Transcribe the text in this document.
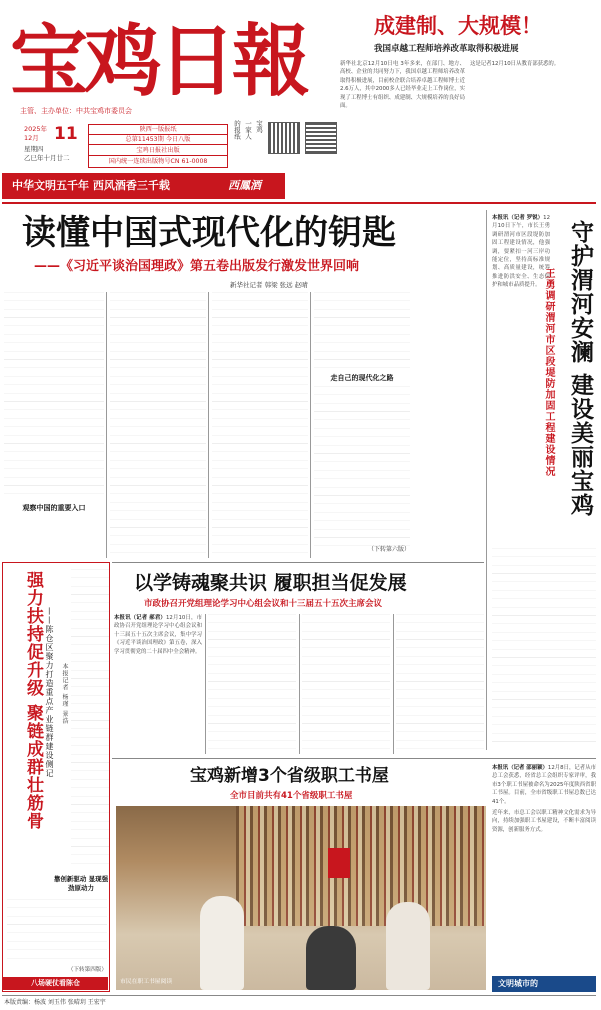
宝鸡日報
主管、主办单位：中共宝鸡市委员会
2025年
12月 11
星期四
乙巳年十月廿二
陕西一版报纸
总第11453期 今日八版
宝鸡日报社出版
国内统一连续出版物号CN 61-0008
宝鸡
一家人
的报纸
成建制、大规模！
我国卓越工程师培养改革取得积极进展
新华社北京12月10日电 3年多来，在部门、地方、高校、企业的共同努力下，我国卓越工程师培养改革取得积极进展，目前校企联合培养卓越工程师博士近2.6万人，其中2000多人已经毕业走上工作岗位，实现了工程博士有组织、成建制、大规模培养的良好局面。
这是记者12月10日从教育部获悉的。
中华文明五千年 西风酒香三千载	西鳳酒
读懂中国式现代化的钥匙
——《习近平谈治国理政》第五卷出版发行激发世界回响
新华社记者 韩梁 张远 赵晴
观察中国的重要入口
走自己的现代化之路
（下转第六版）
本报讯（记者 罗锐）12月10日下午，市长王勇调研渭河市区段堤防加固工程建设情况，他强调，要紧扣一河三岸功能定位，坚持高标准规划、高质量建设，统筹推进防洪安全、生态保护和城市品质提升。	守护渭河安澜 建设美丽宝鸡
王勇调研渭河市区段堤防加固工程建设情况
以学铸魂聚共识 履职担当促发展
市政协召开党组理论学习中心组会议和十三届五十五次主席会议
本报讯（记者 郝君）12月10日，市政协召开党组理论学习中心组会议和十三届五十五次主席会议，集中学习《习近平谈治国理政》第五卷，深入学习贯彻党的二十届四中全会精神。
强力扶持促升级 聚链成群壮筋骨 ——陈仓区聚力打造重点产业链群建设侧记	本报记者 杨瑾 景浩
靠创新驱动 显现强劲原动力
（下转第四版）
八场硬仗看陈仓
宝鸡新增3个省级职工书屋
全市目前共有41个省级职工书屋
市民在职工书屋阅读
本报讯（记者 邵丽颖）12月8日，记者从市总工会获悉，经省总工会组织专家评审，我市3个职工书屋被命名为2025年度陕西省职工书屋。目前，全市省级职工书屋总数已达41个。
近年来，市总工会以职工精神文化需求为导向，持续加强职工书屋建设，不断丰富阅读资源，创新服务方式。
文明城市的
本版责编：杨波 刘玉伟 张晴玥 王宏宇
